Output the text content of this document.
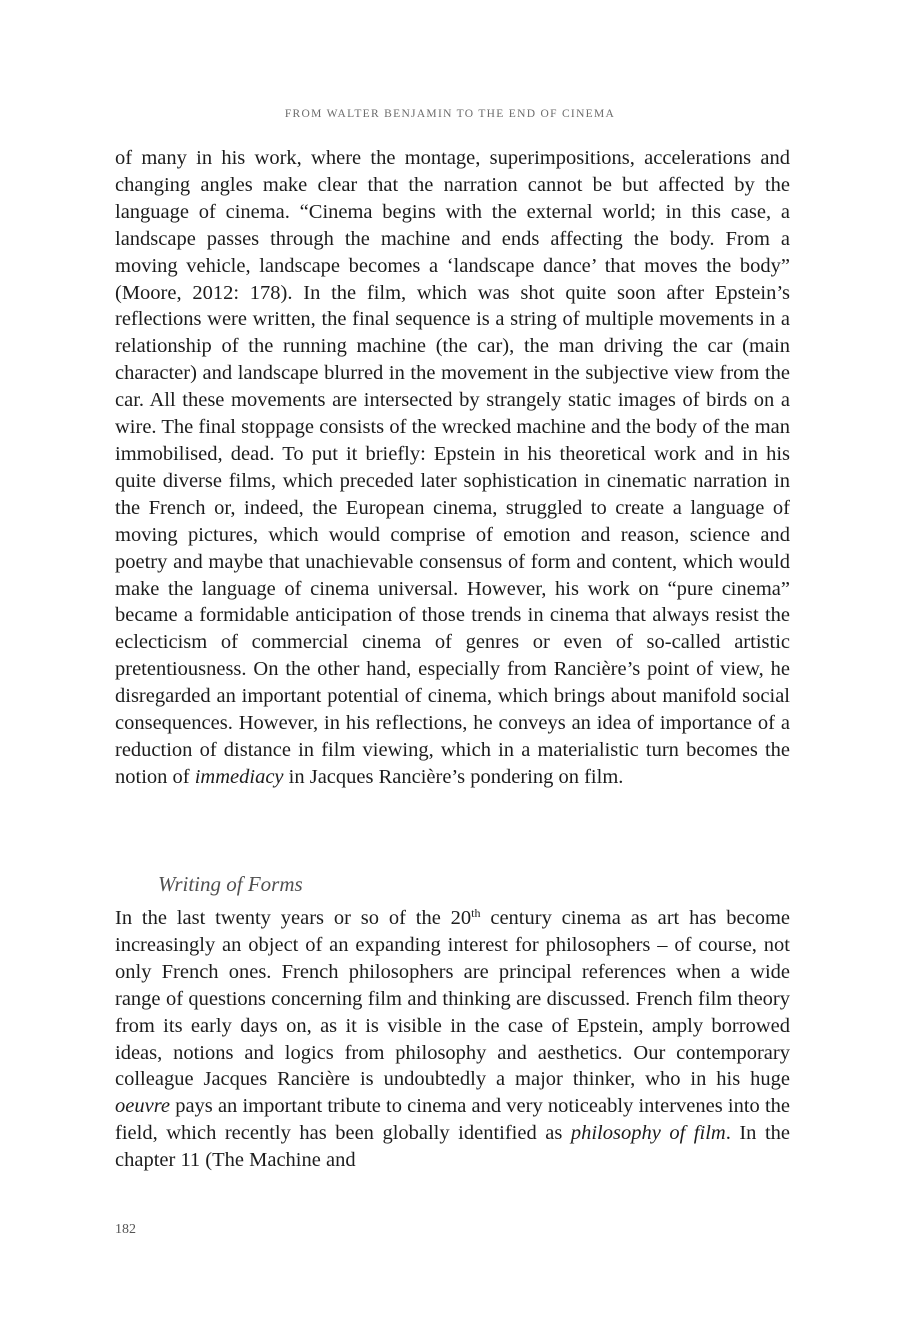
FROM WALTER BENJAMIN TO THE END OF CINEMA

of many in his work, where the montage, superimpositions, accelerations and changing angles make clear that the narration cannot be but affected by the language of cinema. “Cinema begins with the external world; in this case, a landscape passes through the machine and ends affecting the body. From a moving vehicle, landscape becomes a ‘landscape dance’ that moves the body” (Moore, 2012: 178). In the film, which was shot quite soon after Epstein’s reflections were written, the final sequence is a string of multiple movements in a relationship of the running machine (the car), the man driving the car (main character) and landscape blurred in the movement in the subjective view from the car. All these movements are intersected by strangely static images of birds on a wire. The final stoppage consists of the wrecked machine and the body of the man immobilised, dead. To put it briefly: Epstein in his theoretical work and in his quite diverse films, which preceded later sophistication in cinematic narration in the French or, indeed, the European cinema, struggled to create a language of moving pictures, which would comprise of emotion and reason, science and poetry and maybe that unachievable consensus of form and content, which would make the language of cinema universal. However, his work on “pure cinema” became a formidable anticipation of those trends in cinema that always resist the eclecticism of commercial cinema of genres or even of so-called artistic pretentiousness. On the other hand, especially from Rancière’s point of view, he disregarded an important potential of cinema, which brings about manifold social consequences. However, in his reflections, he conveys an idea of importance of a reduction of distance in film viewing, which in a materialistic turn becomes the notion of immediacy in Jacques Rancière’s pondering on film.

Writing of Forms

In the last twenty years or so of the 20th century cinema as art has become increasingly an object of an expanding interest for philosophers – of course, not only French ones. French philosophers are principal references when a wide range of questions concerning film and thinking are discussed. French film theory from its early days on, as it is visible in the case of Epstein, amply borrowed ideas, notions and logics from philosophy and aesthetics. Our contemporary colleague Jacques Rancière is undoubtedly a major thinker, who in his huge oeuvre pays an important tribute to cinema and very noticeably intervenes into the field, which recently has been globally identified as philosophy of film. In the chapter 11 (The Machine and

182
